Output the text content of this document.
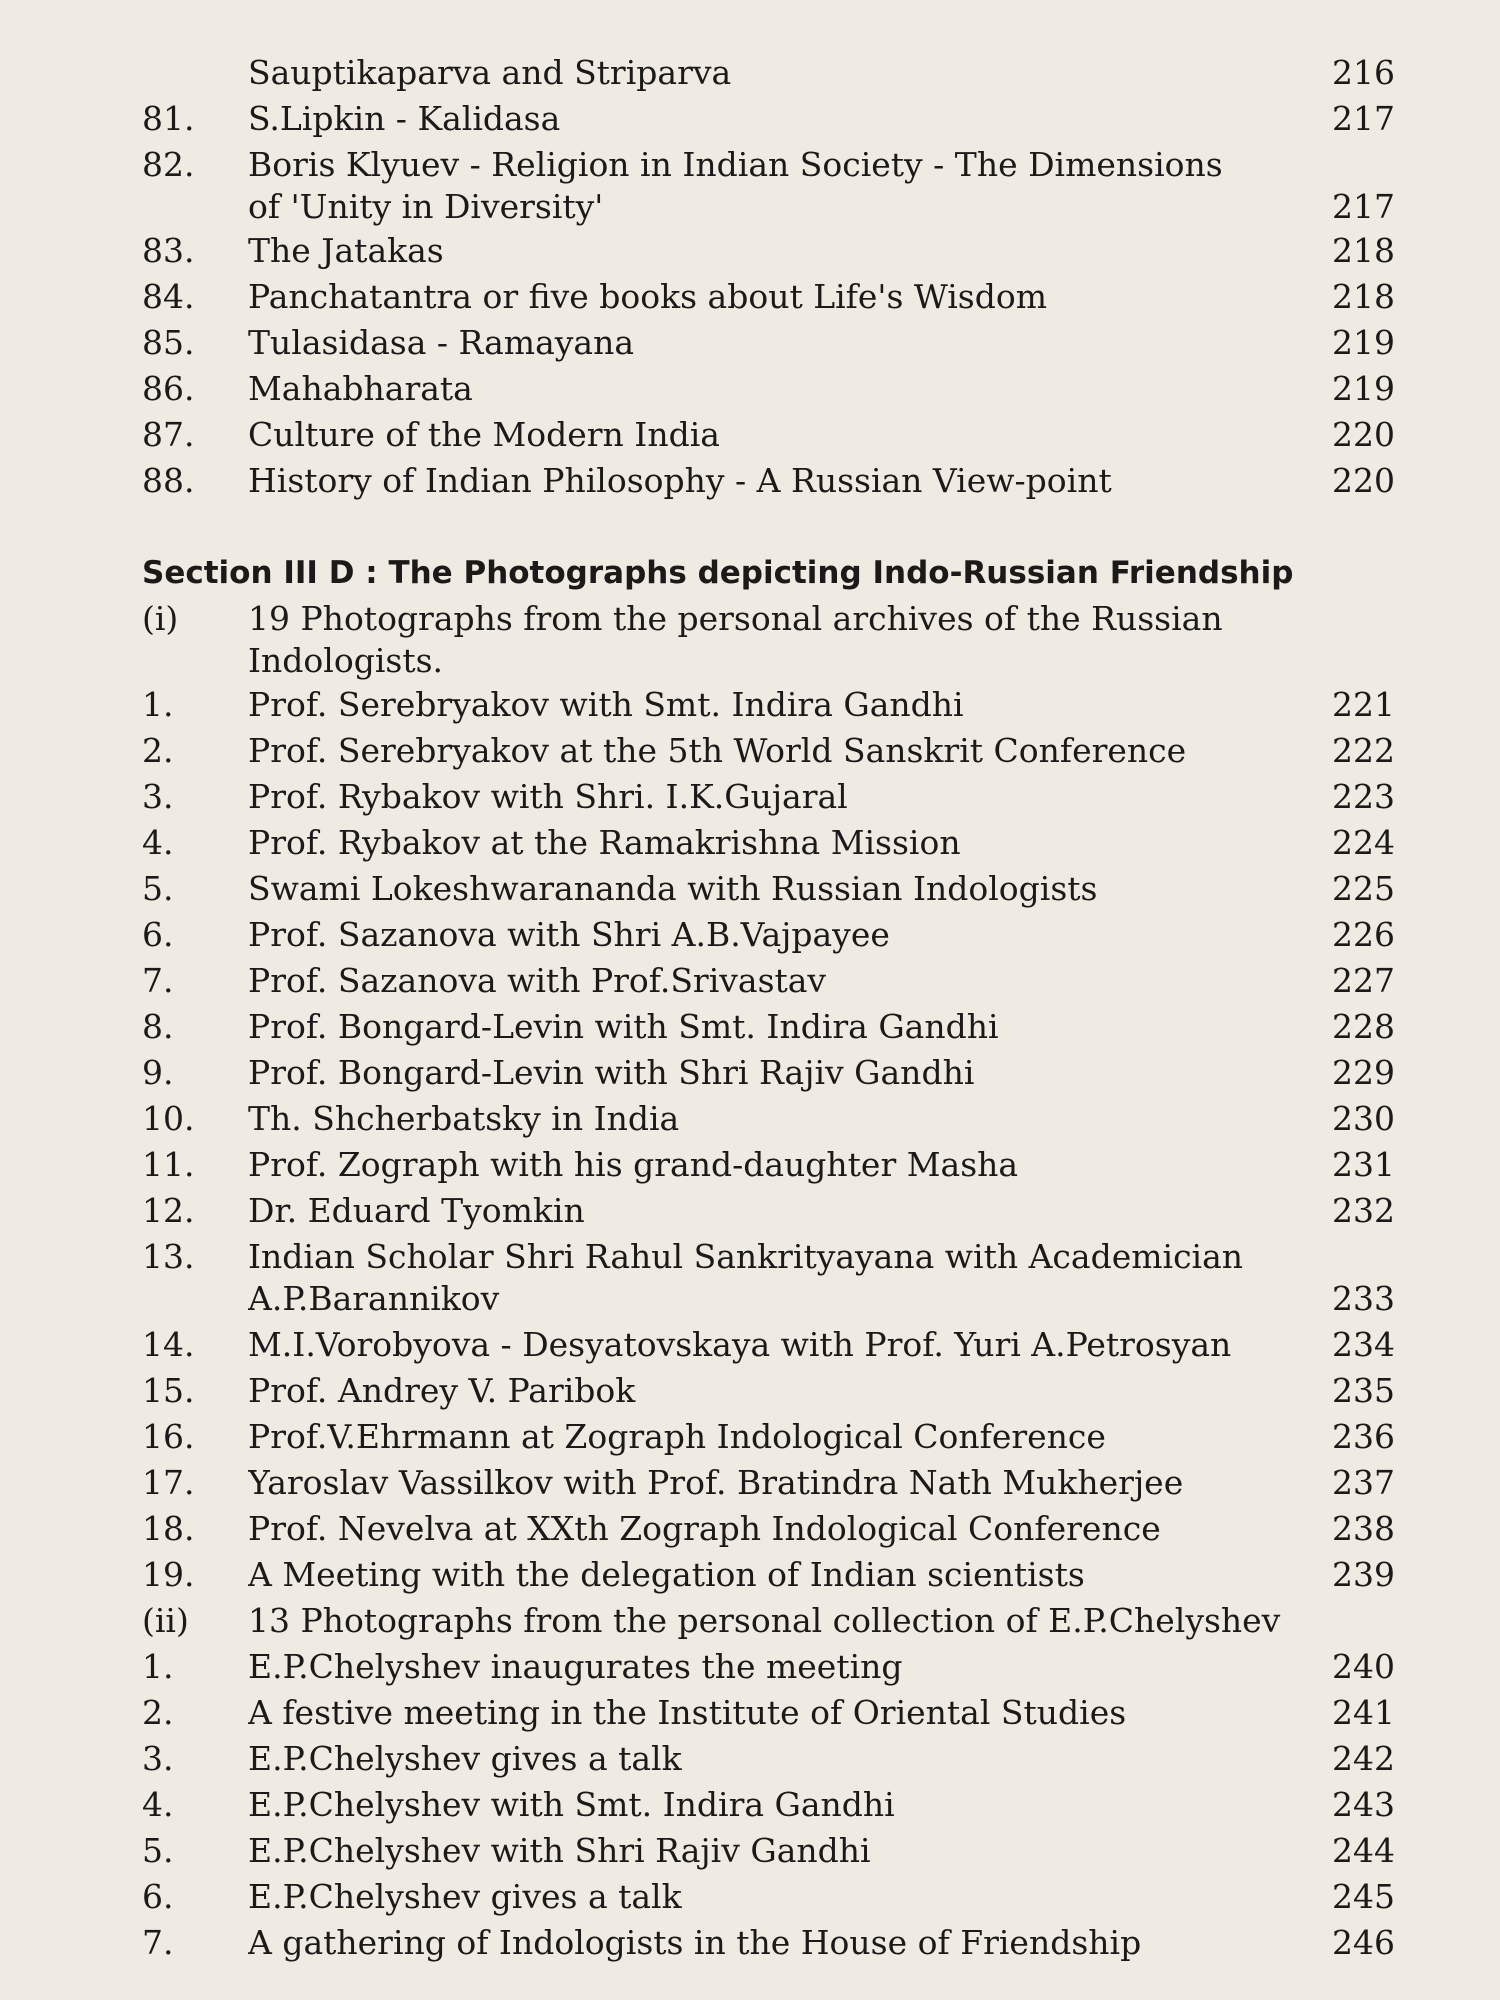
Sauptikaparva and Striparva	216
81.	S.Lipkin - Kalidasa	217
82.	Boris Klyuev - Religion in Indian Society - The Dimensions
of 'Unity in Diversity'	217
83.	The Jatakas	218
84.	Panchatantra or five books about Life's Wisdom	218
85.	Tulasidasa - Ramayana	219
86.	Mahabharata	219
87.	Culture of the Modern India	220
88.	History of Indian Philosophy - A Russian View-point	220
Section III D : The Photographs depicting Indo-Russian Friendship
(i)	19 Photographs from the personal archives of the Russian
Indologists.
1.	Prof. Serebryakov with Smt. Indira Gandhi	221
2.	Prof. Serebryakov at the 5th World Sanskrit Conference	222
3.	Prof. Rybakov with Shri. I.K.Gujaral	223
4.	Prof. Rybakov at the Ramakrishna Mission	224
5.	Swami Lokeshwarananda with Russian Indologists	225
6.	Prof. Sazanova with Shri A.B.Vajpayee	226
7.	Prof. Sazanova with Prof.Srivastav	227
8.	Prof. Bongard-Levin with Smt. Indira Gandhi	228
9.	Prof. Bongard-Levin with Shri Rajiv Gandhi	229
10.	Th. Shcherbatsky in India	230
11.	Prof. Zograph with his grand-daughter Masha	231
12.	Dr. Eduard Tyomkin	232
13.	Indian Scholar Shri Rahul Sankrityayana with Academician
A.P.Barannikov	233
14.	M.I.Vorobyova - Desyatovskaya with Prof. Yuri A.Petrosyan	234
15.	Prof. Andrey V. Paribok	235
16.	Prof.V.Ehrmann at Zograph Indological Conference	236
17.	Yaroslav Vassilkov with Prof. Bratindra Nath Mukherjee	237
18.	Prof. Nevelva at XXth Zograph Indological Conference	238
19.	A Meeting with the delegation of Indian scientists	239
(ii)	13 Photographs from the personal collection of E.P.Chelyshev
1.	E.P.Chelyshev inaugurates the meeting	240
2.	A festive meeting in the Institute of Oriental Studies	241
3.	E.P.Chelyshev gives a talk	242
4.	E.P.Chelyshev with Smt. Indira Gandhi	243
5.	E.P.Chelyshev with Shri Rajiv Gandhi	244
6.	E.P.Chelyshev gives a talk	245
7.	A gathering of Indologists in the House of Friendship	246
